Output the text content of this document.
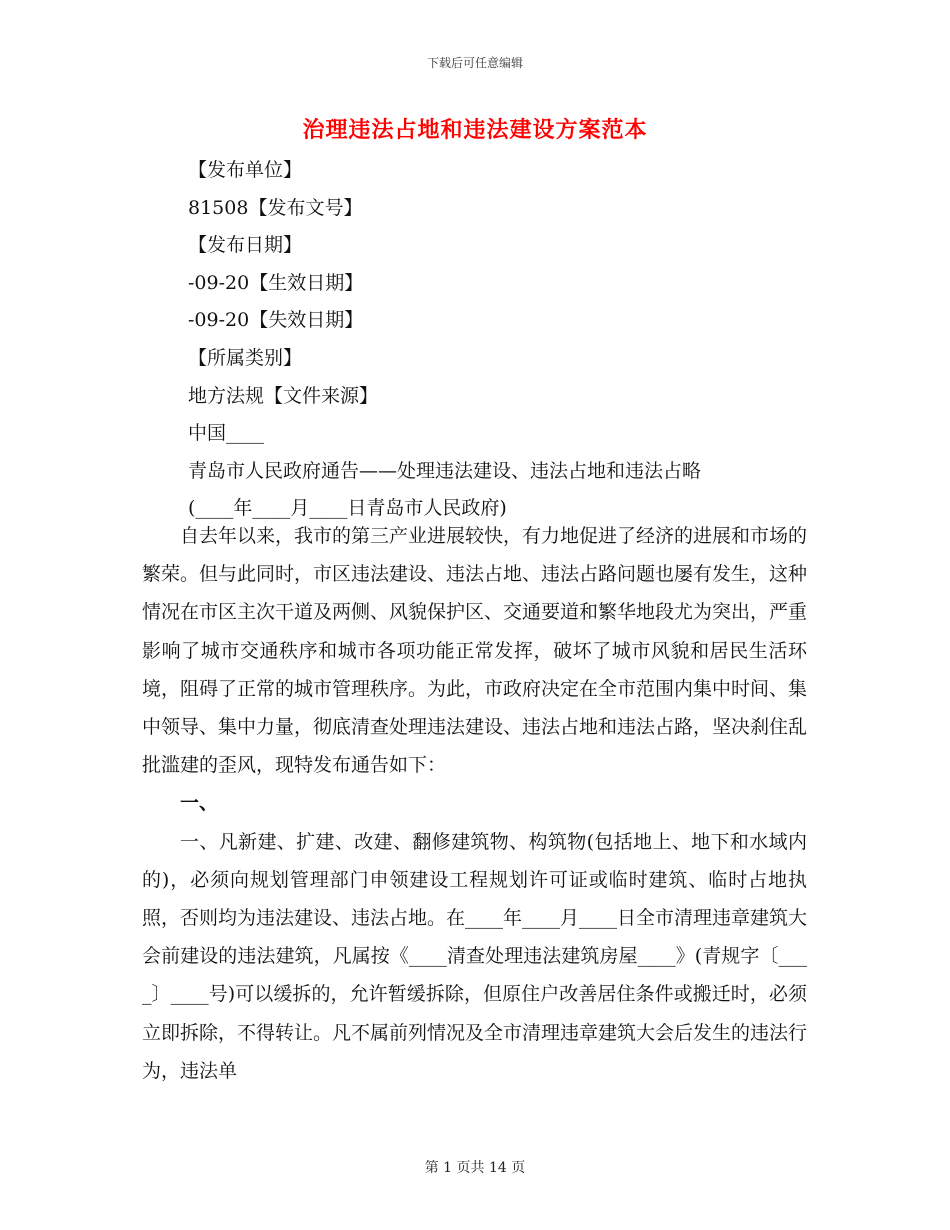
下载后可任意编辑
治理违法占地和违法建设方案范本
【发布单位】
81508【发布文号】
【发布日期】
-09-20【生效日期】
-09-20【失效日期】
【所属类别】
地方法规【文件来源】
中国____
青岛市人民政府通告——处理违法建设、违法占地和违法占略
(____年____月____日青岛市人民政府)

自去年以来，我市的第三产业进展较快，有力地促进了经济的进展和市场的繁荣。但与此同时，市区违法建设、违法占地、违法占路问题也屡有发生，这种情况在市区主次干道及两侧、风貌保护区、交通要道和繁华地段尤为突出，严重影响了城市交通秩序和城市各项功能正常发挥，破坏了城市风貌和居民生活环境，阻碍了正常的城市管理秩序。为此，市政府决定在全市范围内集中时间、集中领导、集中力量，彻底清查处理违法建设、违法占地和违法占路，坚决刹住乱批滥建的歪风，现特发布通告如下：

一、

一、凡新建、扩建、改建、翻修建筑物、构筑物(包括地上、地下和水域内的)，必须向规划管理部门申领建设工程规划许可证或临时建筑、临时占地执照，否则均为违法建设、违法占地。在____年____月____日全市清理违章建筑大会前建设的违法建筑，凡属按《____清查处理违法建筑房屋____》(青规字〔____〕____号)可以缓拆的，允许暂缓拆除，但原住户改善居住条件或搬迁时，必须立即拆除，不得转让。凡不属前列情况及全市清理违章建筑大会后发生的违法行为，违法单

第 1 页共 14 页
